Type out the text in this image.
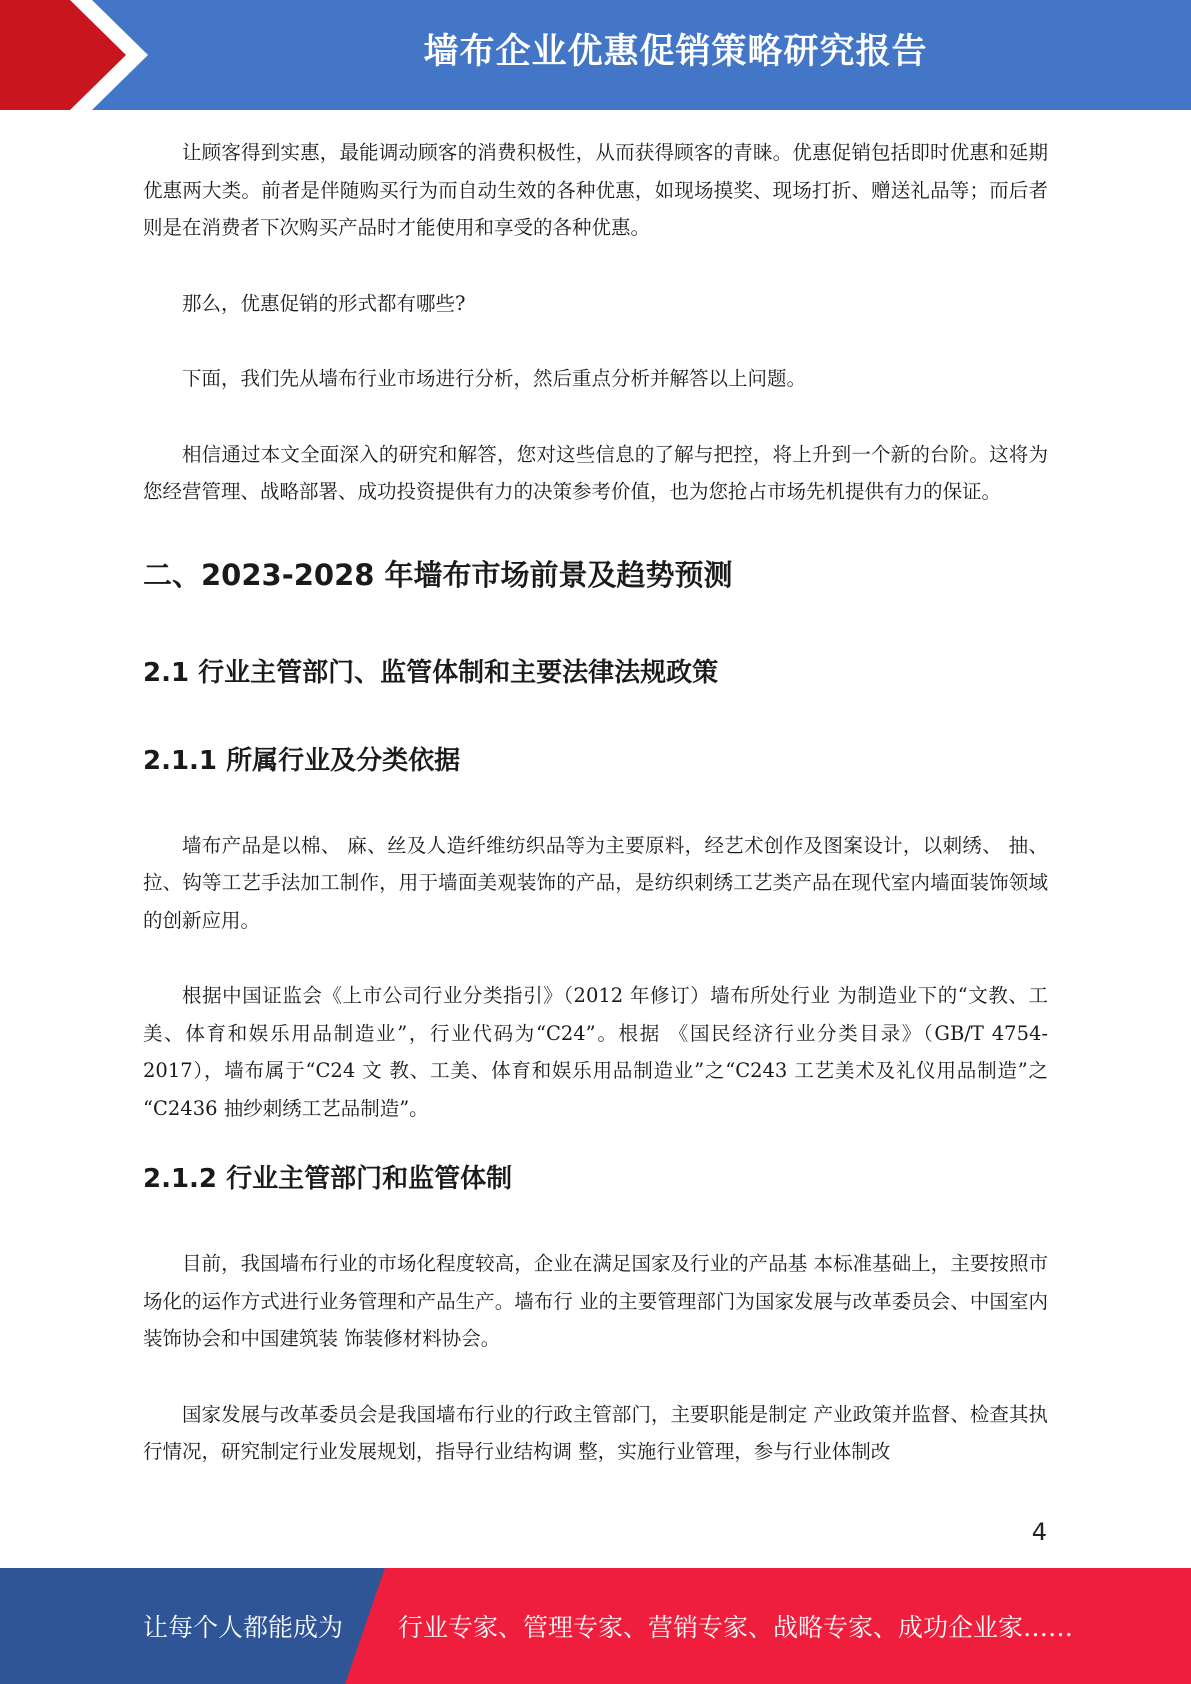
墙布企业优惠促销策略研究报告

让顾客得到实惠，最能调动顾客的消费积极性，从而获得顾客的青睐。优惠促销包括即时优惠和延期优惠两大类。前者是伴随购买行为而自动生效的各种优惠，如现场摸奖、现场打折、赠送礼品等；而后者则是在消费者下次购买产品时才能使用和享受的各种优惠。

那么，优惠促销的形式都有哪些?

下面，我们先从墙布行业市场进行分析，然后重点分析并解答以上问题。

相信通过本文全面深入的研究和解答，您对这些信息的了解与把控，将上升到一个新的台阶。这将为您经营管理、战略部署、成功投资提供有力的决策参考价值，也为您抢占市场先机提供有力的保证。

二、2023-2028 年墙布市场前景及趋势预测
2.1 行业主管部门、监管体制和主要法律法规政策
2.1.1 所属行业及分类依据

墙布产品是以棉、 麻、丝及人造纤维纺织品等为主要原料，经艺术创作及图案设计，以刺绣、 抽、拉、钩等工艺手法加工制作，用于墙面美观装饰的产品，是纺织刺绣工艺类产品在现代室内墙面装饰领域的创新应用。

根据中国证监会《上市公司行业分类指引》（2012 年修订）墙布所处行业 为制造业下的“文教、工美、体育和娱乐用品制造业”，行业代码为“C24”。根据 《国民经济行业分类目录》（GB/T 4754-2017），墙布属于“C24 文 教、工美、体育和娱乐用品制造业”之“C243 工艺美术及礼仪用品制造”之 “C2436 抽纱刺绣工艺品制造”。

2.1.2 行业主管部门和监管体制

目前，我国墙布行业的市场化程度较高，企业在满足国家及行业的产品基 本标准基础上，主要按照市场化的运作方式进行业务管理和产品生产。墙布行 业的主要管理部门为国家发展与改革委员会、中国室内装饰协会和中国建筑装 饰装修材料协会。

国家发展与改革委员会是我国墙布行业的行政主管部门，主要职能是制定 产业政策并监督、检查其执行情况，研究制定行业发展规划，指导行业结构调 整，实施行业管理，参与行业体制改

4
让每个人都能成为 行业专家、管理专家、营销专家、战略专家、成功企业家……
